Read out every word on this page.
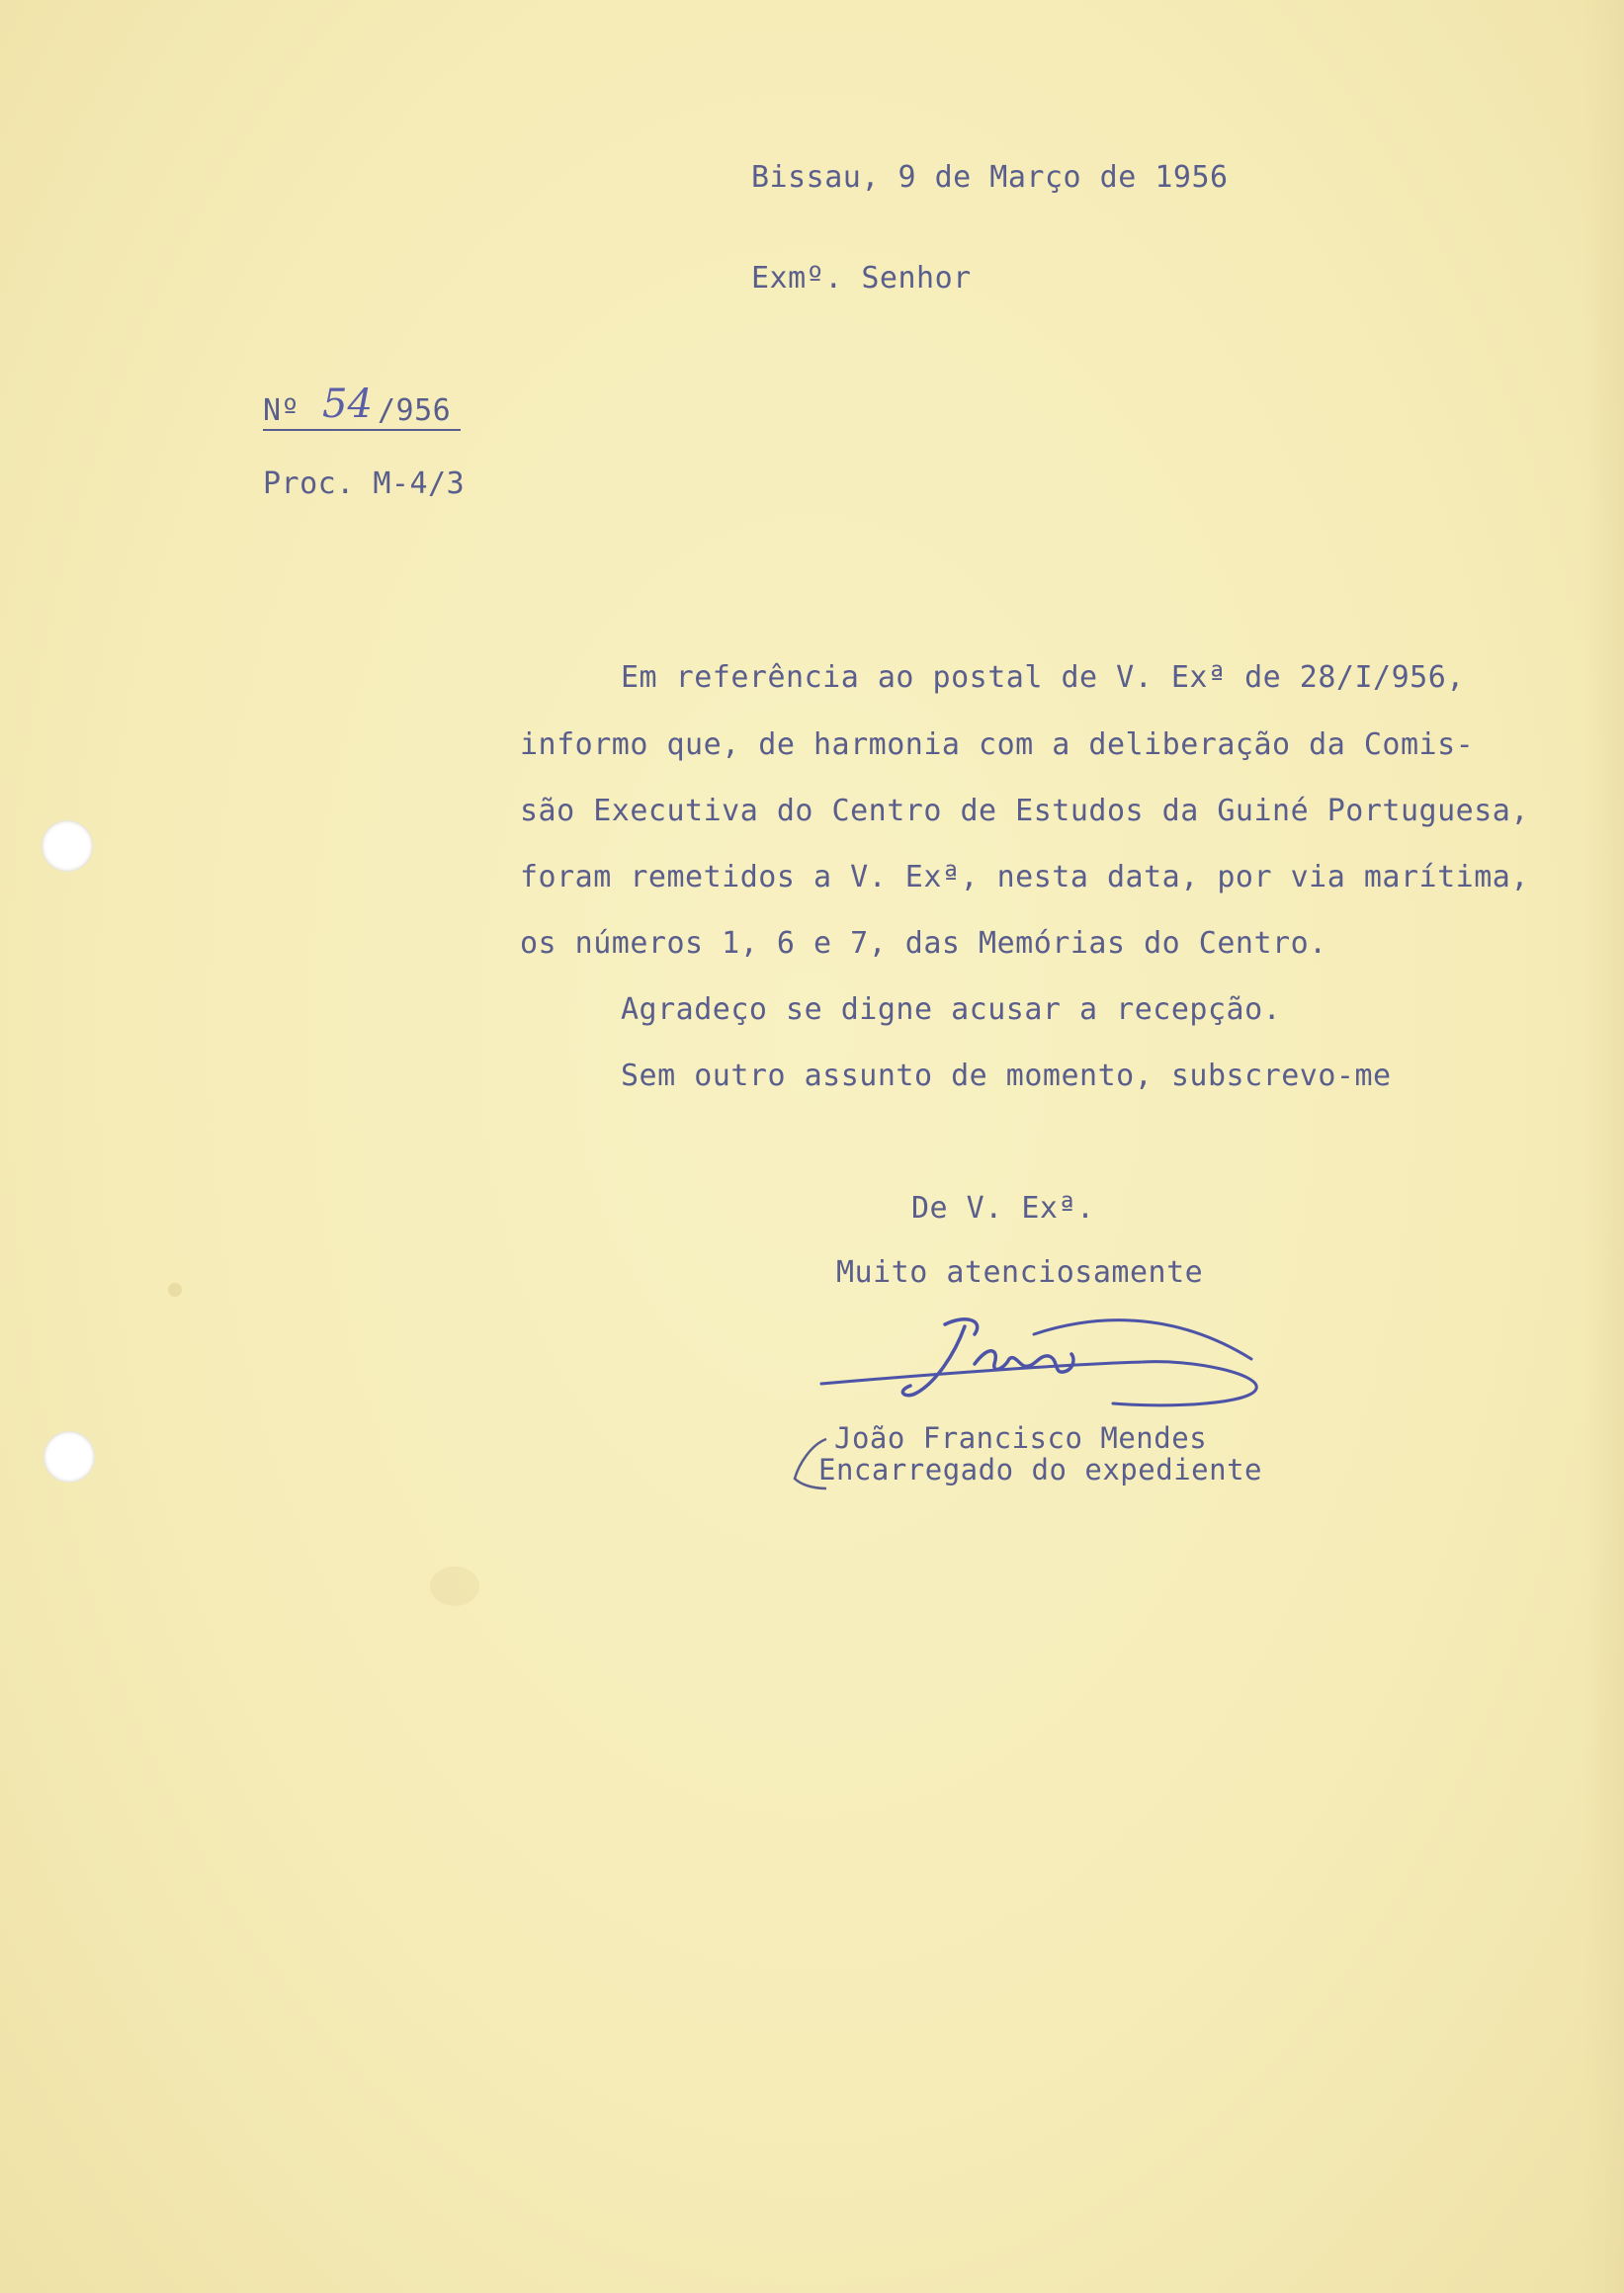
Bissau, 9 de Março de 1956
Exmº. Senhor
Nº 54 /956
Proc. M-4/3
Em referência ao postal de V. Exª de 28/I/956,
informo que, de harmonia com a deliberação da Comis-
são Executiva do Centro de Estudos da Guiné Portuguesa,
foram remetidos a V. Exª, nesta data, por via marítima,
os números 1, 6 e 7, das Memórias do Centro.
Agradeço se digne acusar a recepção.
Sem outro assunto de momento, subscrevo-me
De V. Exª.
Muito atenciosamente
João Francisco Mendes
Encarregado do expediente
